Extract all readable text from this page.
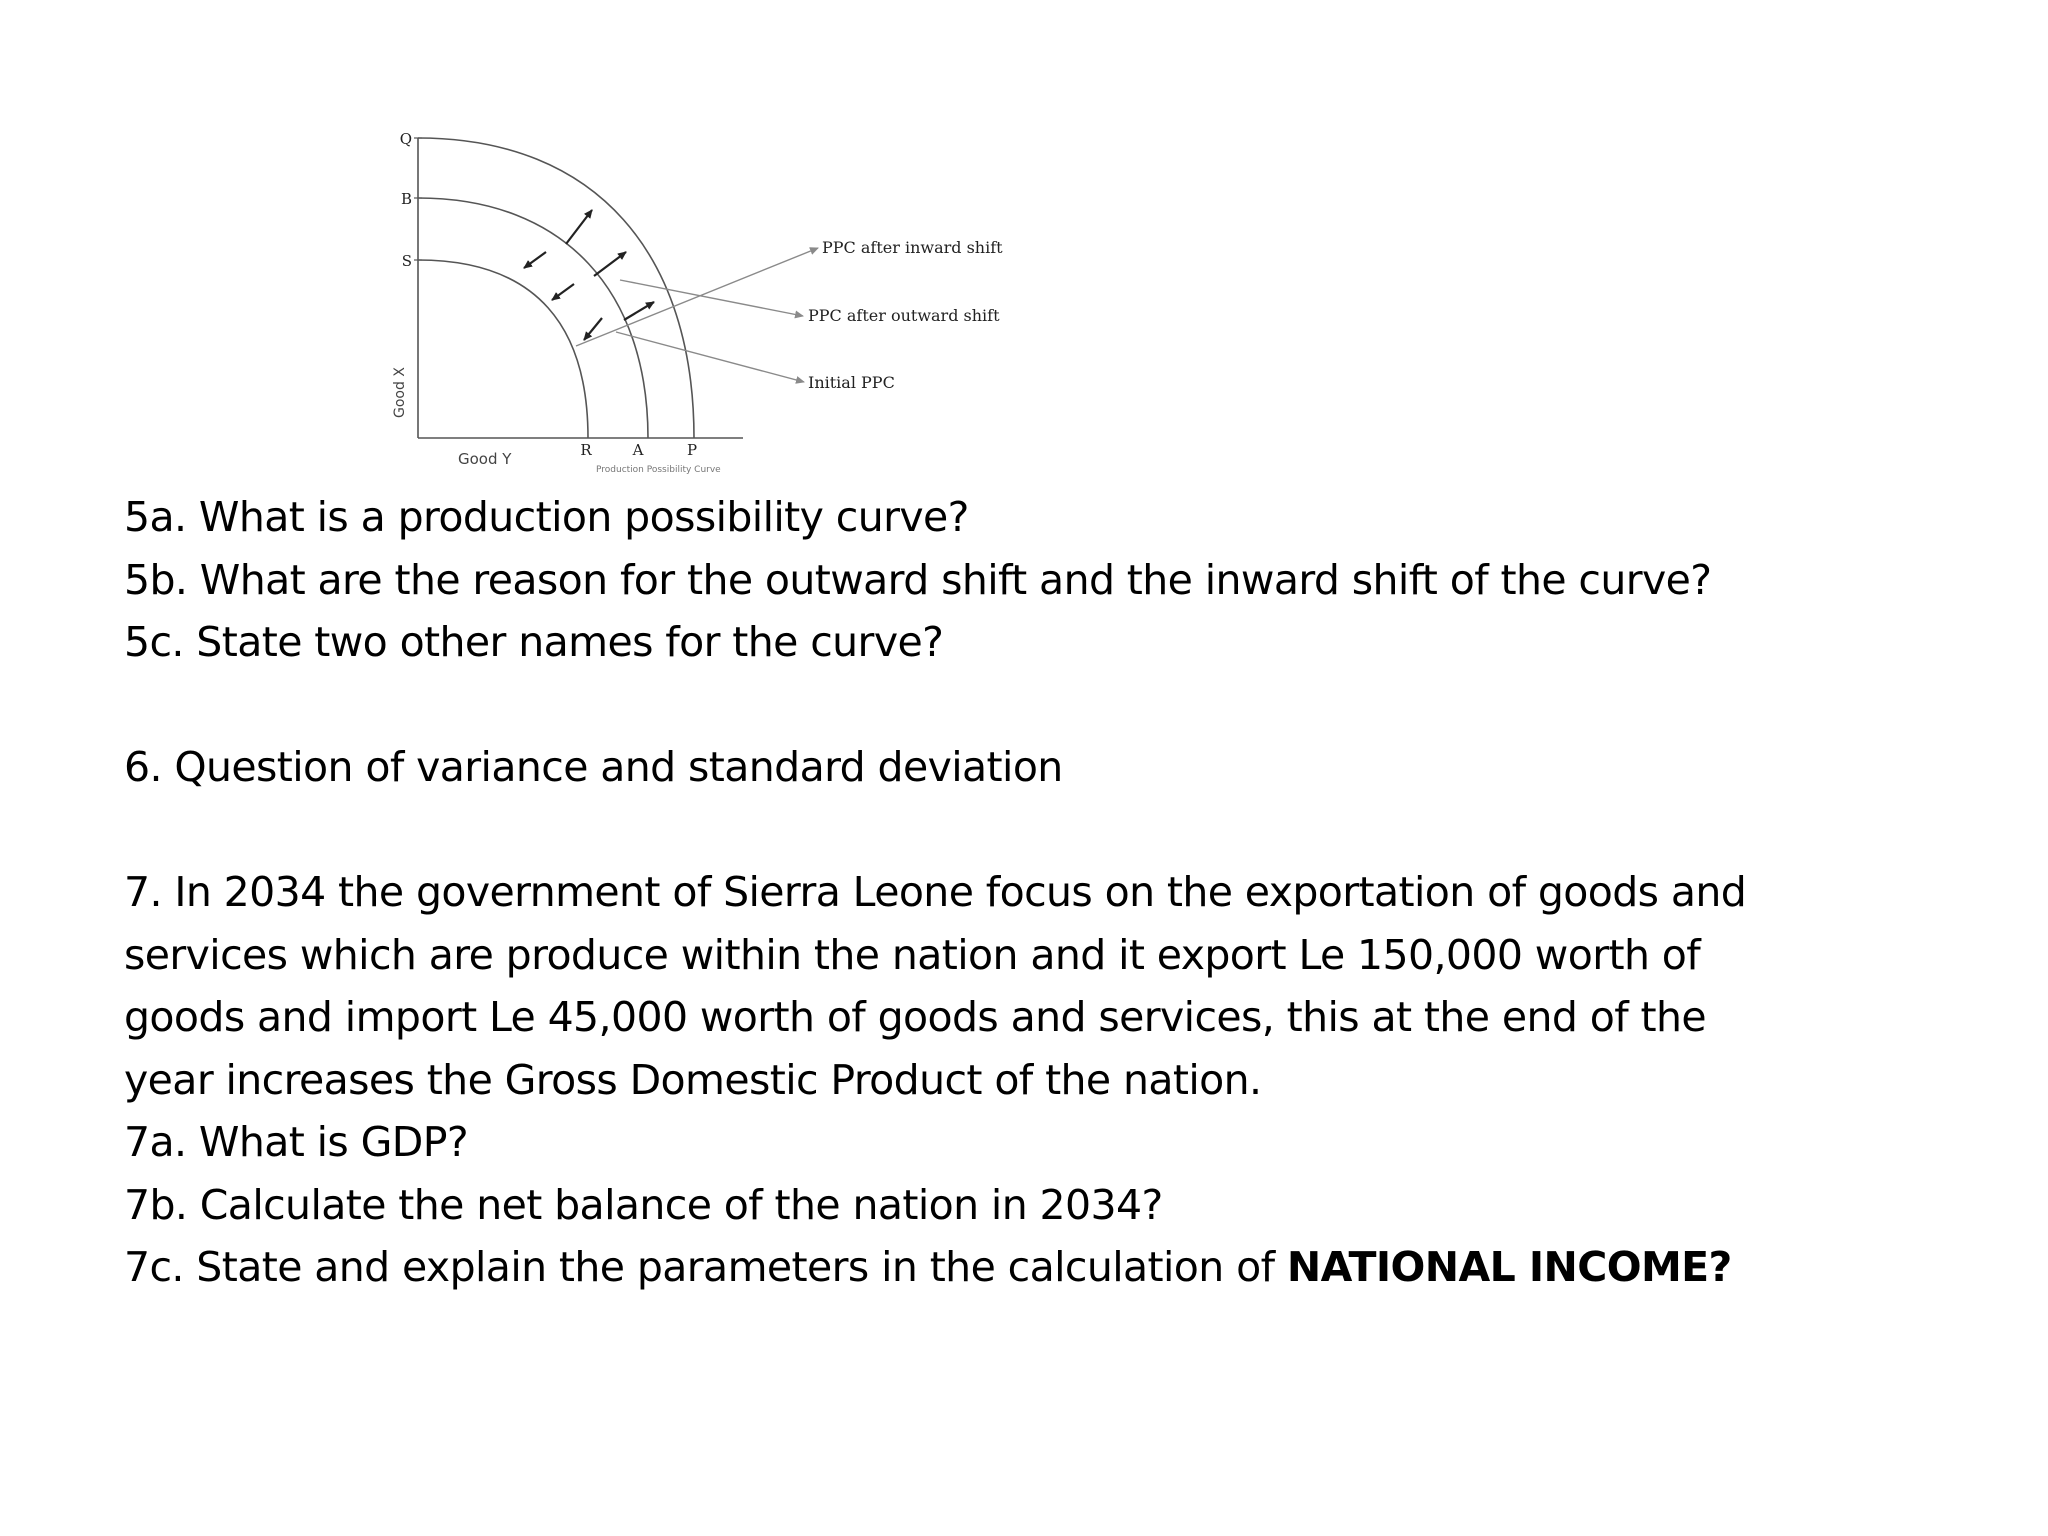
PPC after inward shift
PPC after outward shift
Initial PPC
Q
B
S
R	A	P
Good X
Good Y
Production Possibility Curve

5a. What is a production possibility curve?

5b. What are the reason for the outward shift and the inward shift of the curve?

5c. State two other names for the curve?

6. Question of variance and standard deviation

7. In 2034 the government of Sierra Leone focus on the exportation of goods and

services which are produce within the nation and it export Le 150,000 worth of

goods and import Le 45,000 worth of goods and services, this at the end of the

year increases the Gross Domestic Product of the nation.

7a. What is GDP?

7b. Calculate the net balance of the nation in 2034?

7c. State and explain the parameters in the calculation of NATIONAL INCOME?
